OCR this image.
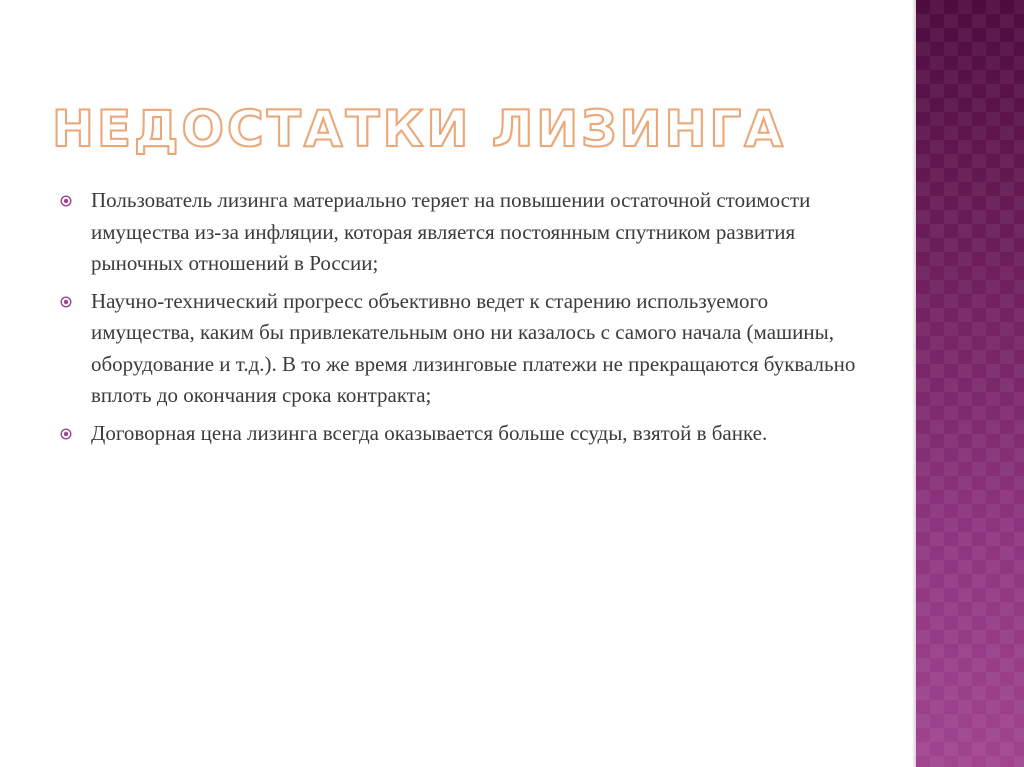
НЕДОСТАТКИ ЛИЗИНГА
Пользователь лизинга материально теряет на повышении остаточной стоимости имущества из-за инфляции, которая является постоянным спутником развития рыночных отношений в России;
Научно-технический прогресс объективно ведет к старению используемого имущества, каким бы привлекательным оно ни казалось с самого начала (машины, оборудование и т.д.). В то же время лизинговые платежи не прекращаются буквально вплоть до окончания срока контракта;
Договорная цена лизинга всегда оказывается больше ссуды, взятой в банке.
